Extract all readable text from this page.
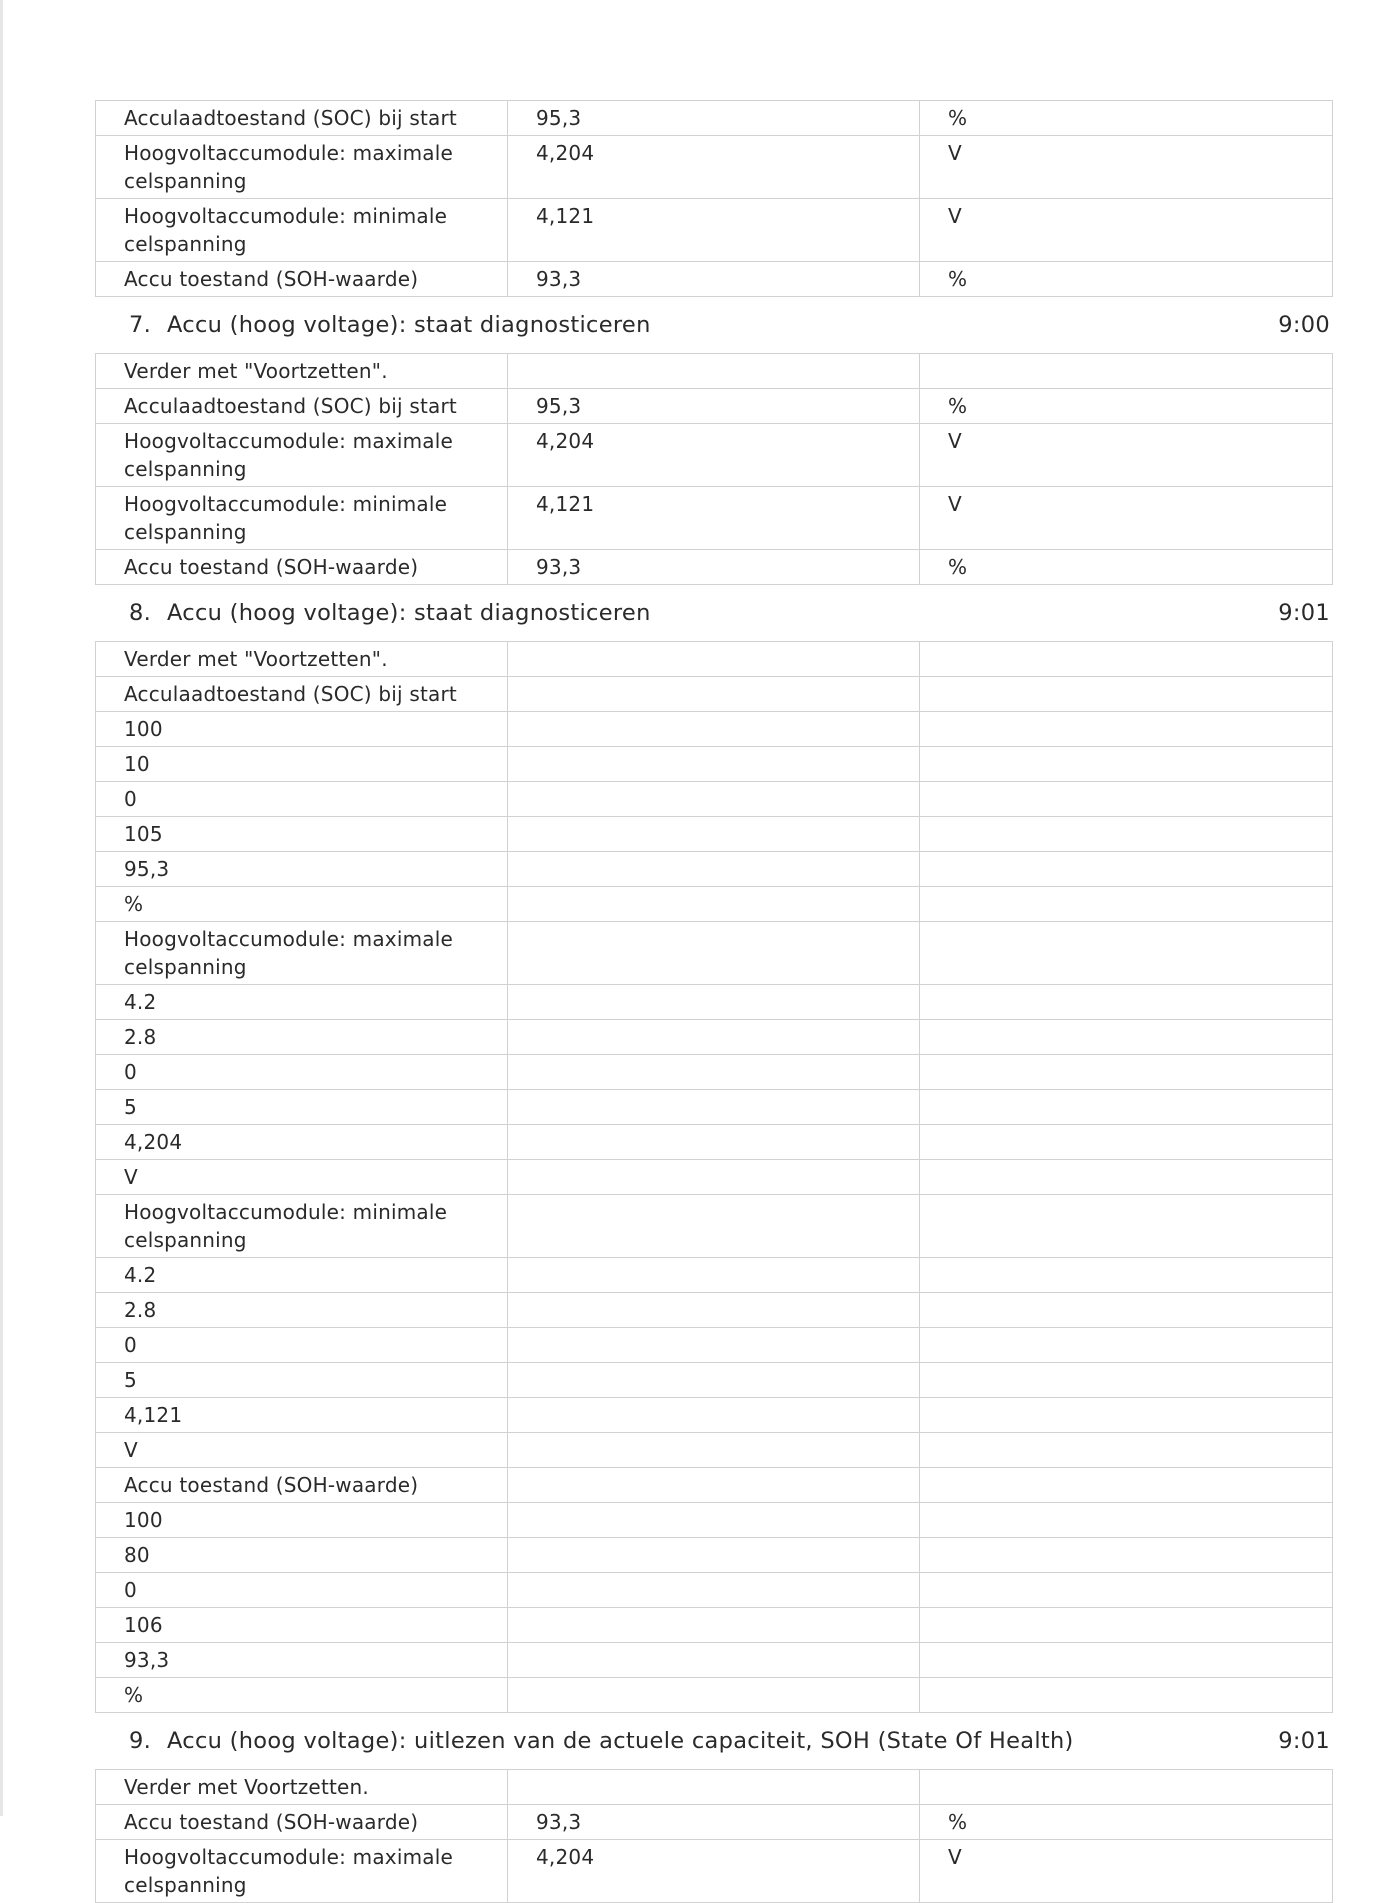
Acculaadtoestand (SOC) bij start	95,3	%
Hoogvoltaccumodule: maximale
celspanning	4,204	V
Hoogvoltaccumodule: minimale
celspanning	4,121	V
Accu toestand (SOH-waarde)	93,3	%
7. Accu (hoog voltage): staat diagnosticeren	9:00
Verder met "Voortzetten".		
Acculaadtoestand (SOC) bij start	95,3	%
Hoogvoltaccumodule: maximale
celspanning	4,204	V
Hoogvoltaccumodule: minimale
celspanning	4,121	V
Accu toestand (SOH-waarde)	93,3	%
8. Accu (hoog voltage): staat diagnosticeren	9:01
Verder met "Voortzetten".		
Acculaadtoestand (SOC) bij start		
100		
10		
0		
105		
95,3		
%		
Hoogvoltaccumodule: maximale
celspanning		
4.2		
2.8		
0		
5		
4,204		
V		
Hoogvoltaccumodule: minimale
celspanning		
4.2		
2.8		
0		
5		
4,121		
V		
Accu toestand (SOH-waarde)		
100		
80		
0		
106		
93,3		
%		
9. Accu (hoog voltage): uitlezen van de actuele capaciteit, SOH (State Of Health)	9:01
Verder met Voortzetten.		
Accu toestand (SOH-waarde)	93,3	%
Hoogvoltaccumodule: maximale
celspanning	4,204	V
